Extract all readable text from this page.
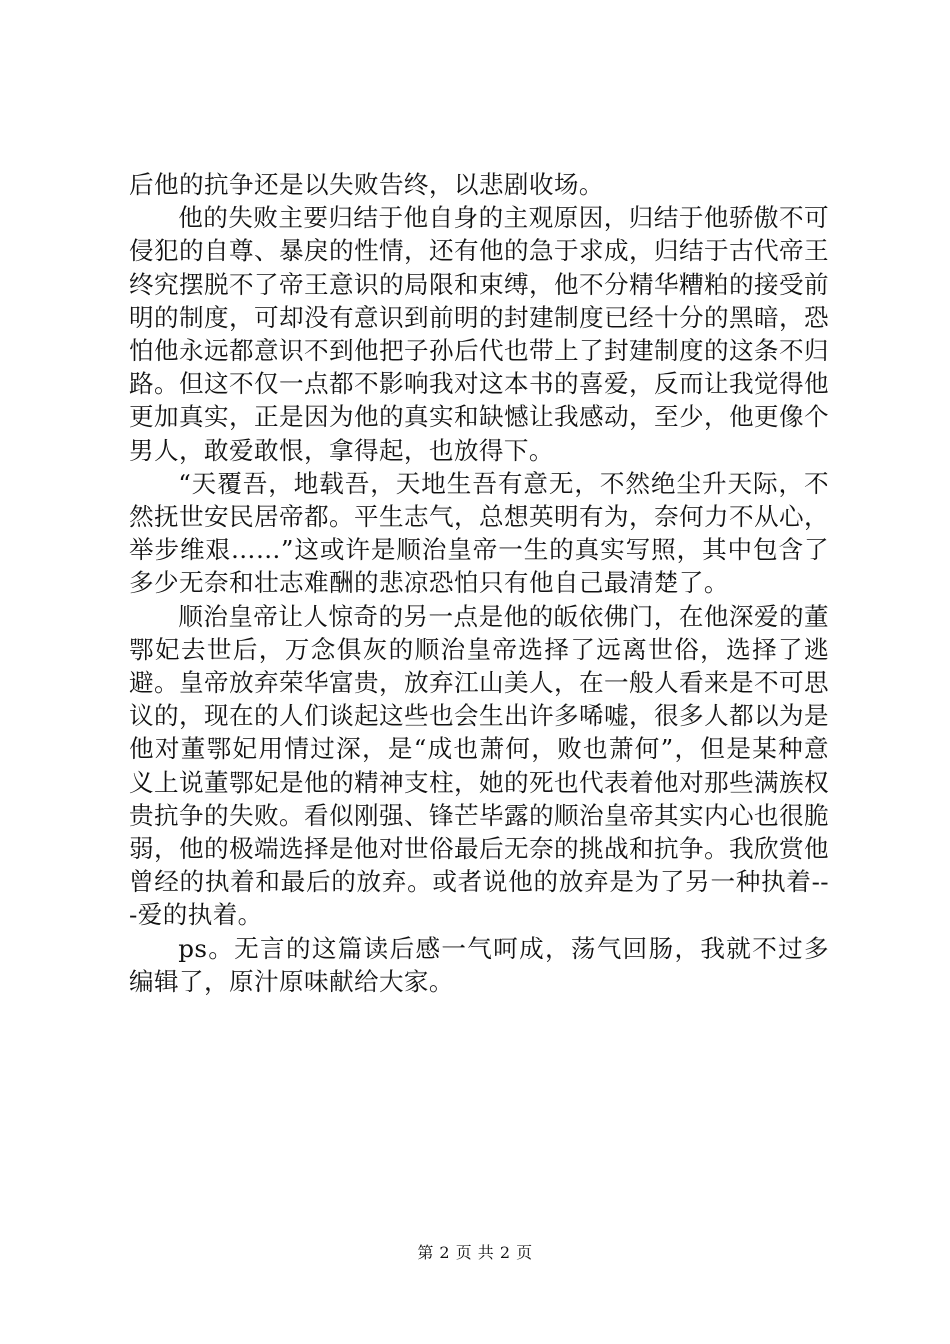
后他的抗争还是以失败告终，以悲剧收场。

他的失败主要归结于他自身的主观原因，归结于他骄傲不可侵犯的自尊、暴戾的性情，还有他的急于求成，归结于古代帝王终究摆脱不了帝王意识的局限和束缚，他不分精华糟粕的接受前明的制度，可却没有意识到前明的封建制度已经十分的黑暗，恐怕他永远都意识不到他把子孙后代也带上了封建制度的这条不归路。但这不仅一点都不影响我对这本书的喜爱，反而让我觉得他更加真实，正是因为他的真实和缺憾让我感动，至少，他更像个男人，敢爱敢恨，拿得起，也放得下。

“天覆吾，地载吾，天地生吾有意无，不然绝尘升天际，不然抚世安民居帝都。平生志气，总想英明有为，奈何力不从心，举步维艰……”这或许是顺治皇帝一生的真实写照，其中包含了多少无奈和壮志难酬的悲凉恐怕只有他自己最清楚了。

顺治皇帝让人惊奇的另一点是他的皈依佛门，在他深爱的董鄂妃去世后，万念俱灰的顺治皇帝选择了远离世俗，选择了逃避。皇帝放弃荣华富贵，放弃江山美人，在一般人看来是不可思议的，现在的人们谈起这些也会生出许多唏嘘，很多人都以为是他对董鄂妃用情过深，是“成也萧何，败也萧何”，但是某种意义上说董鄂妃是他的精神支柱，她的死也代表着他对那些满族权贵抗争的失败。看似刚强、锋芒毕露的顺治皇帝其实内心也很脆弱，他的极端选择是他对世俗最后无奈的挑战和抗争。我欣赏他曾经的执着和最后的放弃。或者说他的放弃是为了另一种执着---爱的执着。

ps。无言的这篇读后感一气呵成，荡气回肠，我就不过多编辑了，原汁原味献给大家。

第 2 页 共 2 页
